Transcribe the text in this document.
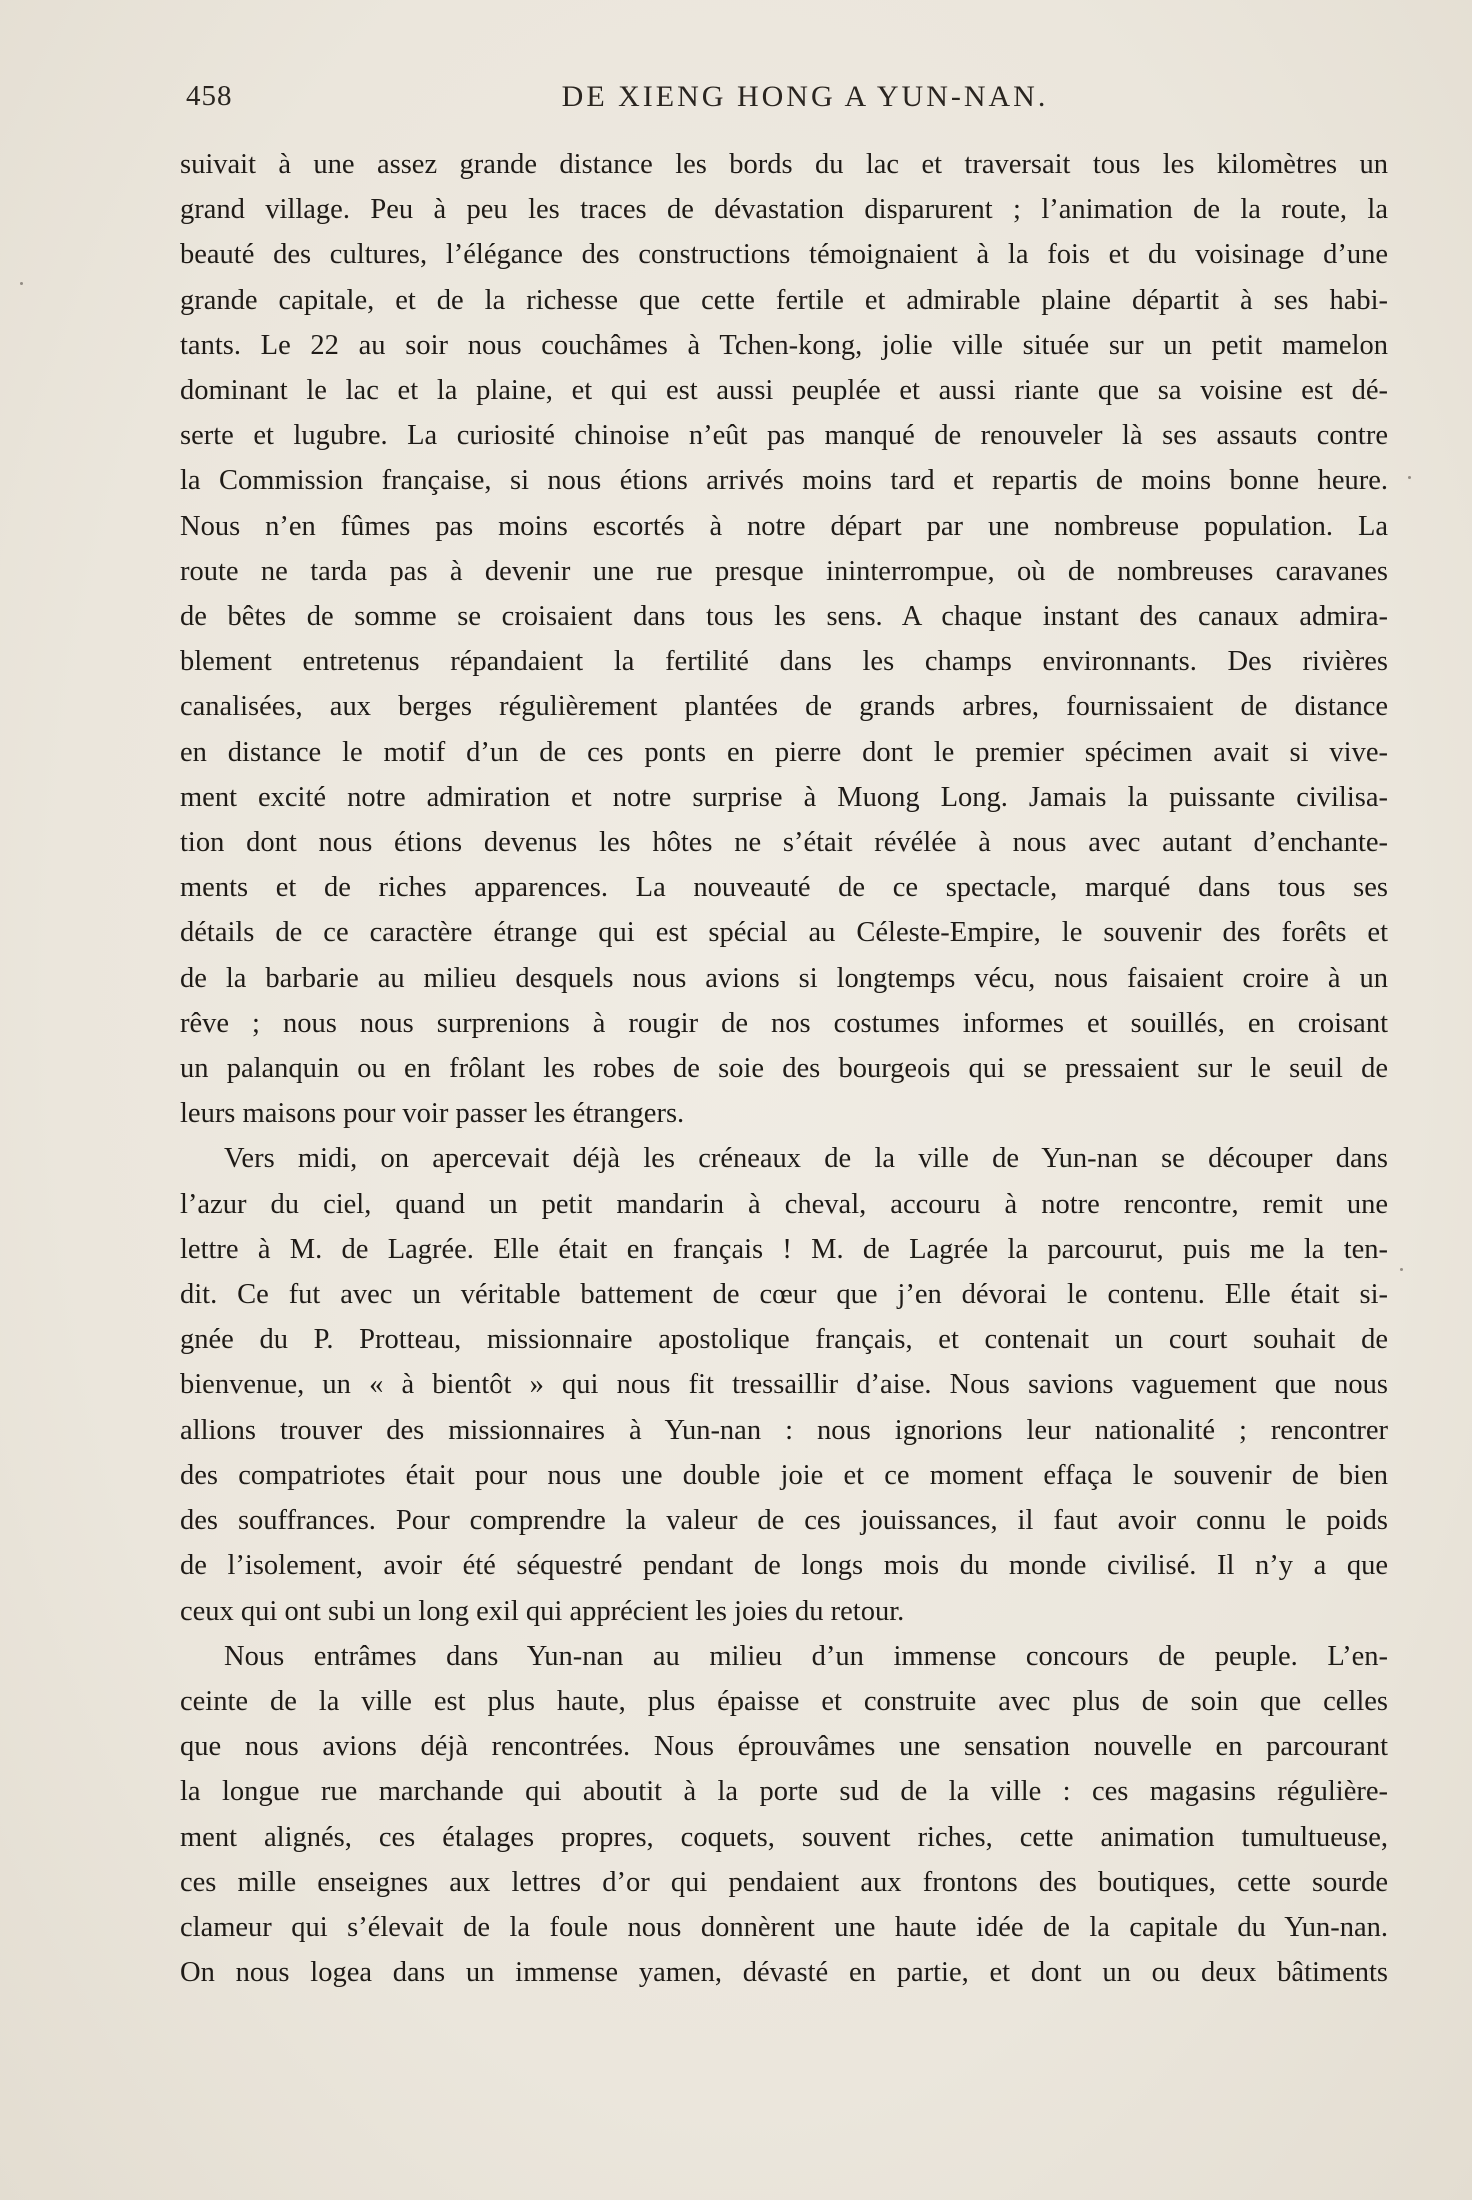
458	DE XIENG HONG A YUN-NAN.
suivait à une assez grande distance les bords du lac et traversait tous les kilomètres un
grand village. Peu à peu les traces de dévastation disparurent ; l’animation de la route, la
beauté des cultures, l’élégance des constructions témoignaient à la fois et du voisinage d’une
grande capitale, et de la richesse que cette fertile et admirable plaine départit à ses habi-
tants. Le 22 au soir nous couchâmes à Tchen-kong, jolie ville située sur un petit mamelon
dominant le lac et la plaine, et qui est aussi peuplée et aussi riante que sa voisine est dé-
serte et lugubre. La curiosité chinoise n’eût pas manqué de renouveler là ses assauts contre
la Commission française, si nous étions arrivés moins tard et repartis de moins bonne heure.
Nous n’en fûmes pas moins escortés à notre départ par une nombreuse population. La
route ne tarda pas à devenir une rue presque ininterrompue, où de nombreuses caravanes
de bêtes de somme se croisaient dans tous les sens. A chaque instant des canaux admira-
blement entretenus répandaient la fertilité dans les champs environnants. Des rivières
canalisées, aux berges régulièrement plantées de grands arbres, fournissaient de distance
en distance le motif d’un de ces ponts en pierre dont le premier spécimen avait si vive-
ment excité notre admiration et notre surprise à Muong Long. Jamais la puissante civilisa-
tion dont nous étions devenus les hôtes ne s’était révélée à nous avec autant d’enchante-
ments et de riches apparences. La nouveauté de ce spectacle, marqué dans tous ses
détails de ce caractère étrange qui est spécial au Céleste-Empire, le souvenir des forêts et
de la barbarie au milieu desquels nous avions si longtemps vécu, nous faisaient croire à un
rêve ; nous nous surprenions à rougir de nos costumes informes et souillés, en croisant
un palanquin ou en frôlant les robes de soie des bourgeois qui se pressaient sur le seuil de
leurs maisons pour voir passer les étrangers.
Vers midi, on apercevait déjà les créneaux de la ville de Yun-nan se découper dans
l’azur du ciel, quand un petit mandarin à cheval, accouru à notre rencontre, remit une
lettre à M. de Lagrée. Elle était en français ! M. de Lagrée la parcourut, puis me la ten-
dit. Ce fut avec un véritable battement de cœur que j’en dévorai le contenu. Elle était si-
gnée du P. Protteau, missionnaire apostolique français, et contenait un court souhait de
bienvenue, un « à bientôt » qui nous fit tressaillir d’aise. Nous savions vaguement que nous
allions trouver des missionnaires à Yun-nan : nous ignorions leur nationalité ; rencontrer
des compatriotes était pour nous une double joie et ce moment effaça le souvenir de bien
des souffrances. Pour comprendre la valeur de ces jouissances, il faut avoir connu le poids
de l’isolement, avoir été séquestré pendant de longs mois du monde civilisé. Il n’y a que
ceux qui ont subi un long exil qui apprécient les joies du retour.
Nous entrâmes dans Yun-nan au milieu d’un immense concours de peuple. L’en-
ceinte de la ville est plus haute, plus épaisse et construite avec plus de soin que celles
que nous avions déjà rencontrées. Nous éprouvâmes une sensation nouvelle en parcourant
la longue rue marchande qui aboutit à la porte sud de la ville : ces magasins régulière-
ment alignés, ces étalages propres, coquets, souvent riches, cette animation tumultueuse,
ces mille enseignes aux lettres d’or qui pendaient aux frontons des boutiques, cette sourde
clameur qui s’élevait de la foule nous donnèrent une haute idée de la capitale du Yun-nan.
On nous logea dans un immense yamen, dévasté en partie, et dont un ou deux bâtiments
